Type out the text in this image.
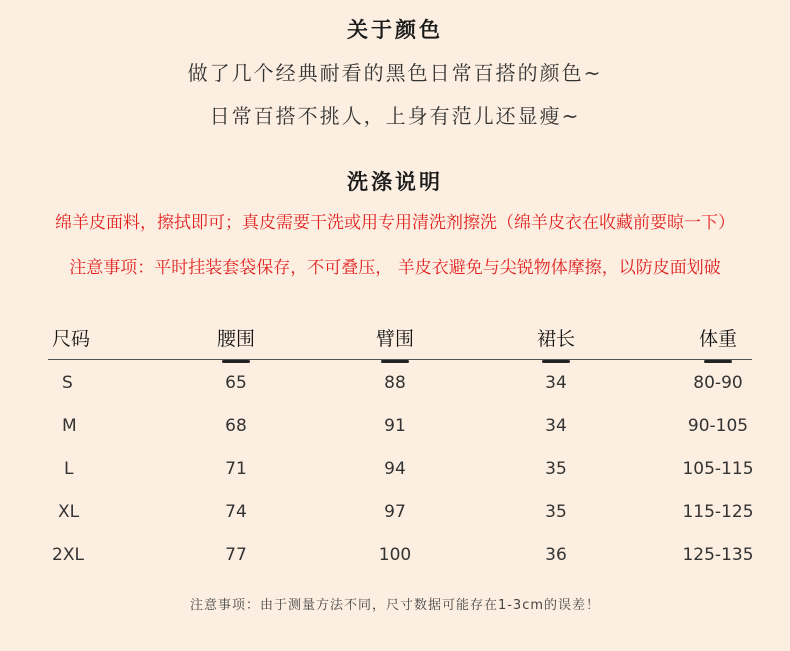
关于颜色
做了几个经典耐看的黑色日常百搭的颜色~
日常百搭不挑人，上身有范儿还显瘦~
洗涤说明
绵羊皮面料，擦拭即可；真皮需要干洗或用专用清洗剂擦洗（绵羊皮衣在收藏前要晾一下）
注意事项：平时挂装套袋保存，不可叠压， 羊皮衣避免与尖锐物体摩擦，以防皮面划破
尺码	腰围	臂围	裙长	体重
S	65	88	34	80-90
M	68	91	34	90-105
L	71	94	35	105-115
XL	74	97	35	115-125
2XL	77	100	36	125-135
注意事项：由于测量方法不同，尺寸数据可能存在1-3cm的误差！
